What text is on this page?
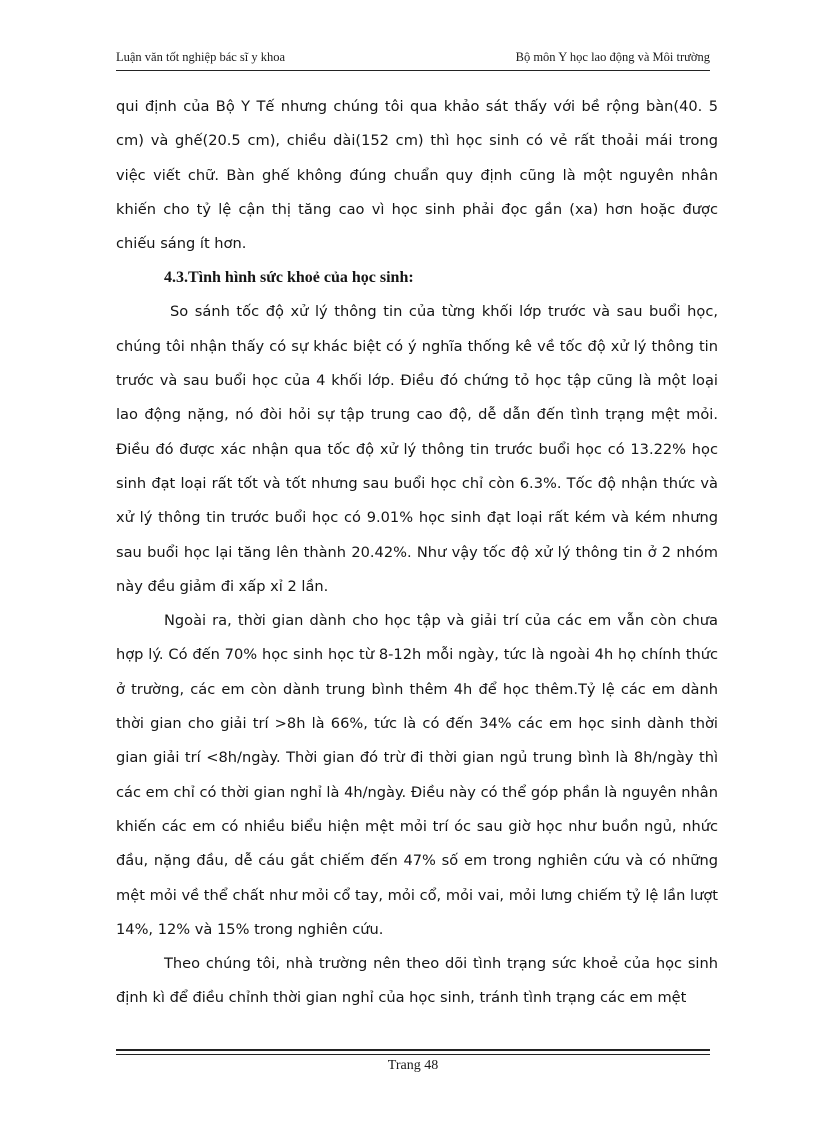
Luận văn tốt nghiệp bác sĩ y khoa	Bộ môn Y học lao động và Môi trường

qui định của Bộ Y Tế nhưng chúng tôi qua khảo sát thấy với bề rộng bàn(40. 5 cm) và ghế(20.5 cm), chiều dài(152 cm) thì học sinh có vẻ rất thoải mái trong việc viết chữ. Bàn ghế không đúng chuẩn quy định cũng là một nguyên nhân khiến cho tỷ lệ cận thị tăng cao vì học sinh phải đọc gần (xa) hơn hoặc được chiếu sáng ít hơn.

4.3.Tình hình sức khoẻ của học sinh:

So sánh tốc độ xử lý thông tin của từng khối lớp trước và sau buổi học, chúng tôi nhận thấy có sự khác biệt có ý nghĩa thống kê về tốc độ xử lý thông tin trước và sau buổi học của 4 khối lớp. Điều đó chứng tỏ học tập cũng là một loại lao động nặng, nó đòi hỏi sự tập trung cao độ, dễ dẫn đến tình trạng mệt mỏi. Điều đó được xác nhận qua tốc độ xử lý thông tin trước buổi học có 13.22% học sinh đạt loại rất tốt và tốt nhưng sau buổi học chỉ còn 6.3%. Tốc độ nhận thức và xử lý thông tin trước buổi học có 9.01% học sinh đạt loại rất kém và kém nhưng sau buổi học lại tăng lên thành 20.42%. Như vậy tốc độ xử lý thông tin ở 2 nhóm này đều giảm đi xấp xỉ 2 lần.

Ngoài ra, thời gian dành cho học tập và giải trí của các em vẫn còn chưa hợp lý. Có đến 70% học sinh học từ 8-12h mỗi ngày, tức là ngoài 4h họ chính thức ở trường, các em còn dành trung bình thêm 4h để học thêm.Tỷ lệ các em dành thời gian cho giải trí >8h là 66%, tức là có đến 34% các em học sinh dành thời gian giải trí <8h/ngày. Thời gian đó trừ đi thời gian ngủ trung bình là 8h/ngày thì các em chỉ có thời gian nghỉ là 4h/ngày. Điều này có thể góp phần là nguyên nhân khiến các em có nhiều biểu hiện mệt mỏi trí óc sau giờ học như buồn ngủ, nhức đầu, nặng đầu, dễ cáu gắt chiếm đến 47% số em trong nghiên cứu và có những mệt mỏi về thể chất như mỏi cổ tay, mỏi cổ, mỏi vai, mỏi lưng chiếm tỷ lệ lần lượt 14%, 12% và 15% trong nghiên cứu.

Theo chúng tôi, nhà trường nên theo dõi tình trạng sức khoẻ của học sinh định kì để điều chỉnh thời gian nghỉ của học sinh, tránh tình trạng các em mệt

Trang 48
